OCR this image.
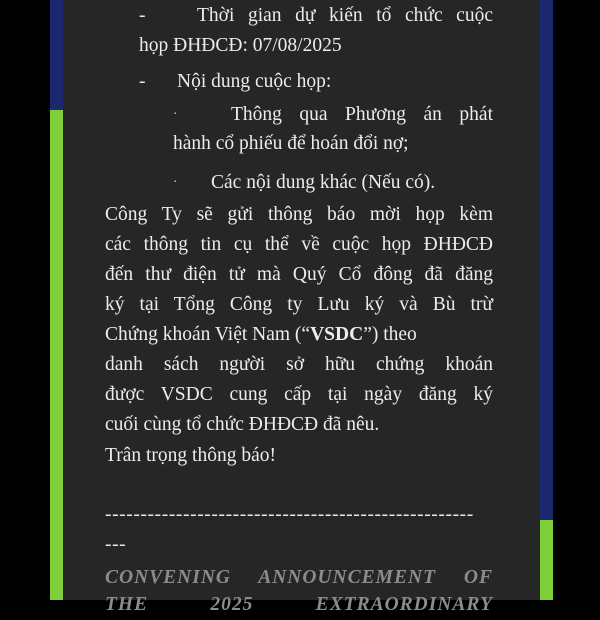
-	Thời gian dự kiến tổ chức cuộc
họp ĐHĐCĐ: 07/08/2025
- Nội dung cuộc họp:
·	Thông qua Phương án phát
hành cổ phiếu để hoán đổi nợ;
· Các nội dung khác (Nếu có).
Công Ty sẽ gửi thông báo mời họp kèm
các thông tin cụ thể về cuộc họp ĐHĐCĐ
đến thư điện tử mà Quý Cổ đông đã đăng
ký tại Tổng Công ty Lưu ký và Bù trừ
Chứng khoán Việt Nam (“VSDC”) theo
danh sách người sở hữu chứng khoán
được VSDC cung cấp tại ngày đăng ký
cuối cùng tổ chức ĐHĐCĐ đã nêu.
Trân trọng thông báo!
----------------------------------------------------
---
CONVENING ANNOUNCEMENT OF
THE 2025 EXTRAORDINARY
